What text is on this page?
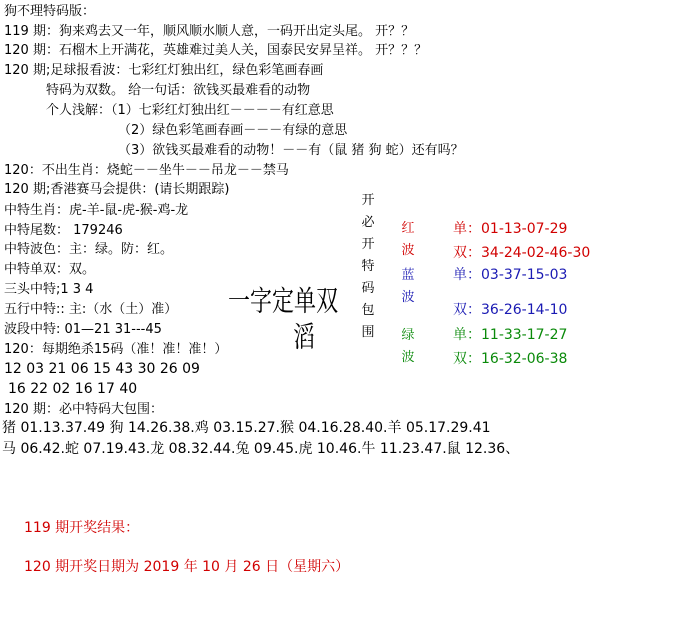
狗不理特码版：
119 期：狗来鸡去又一年，顺风顺水顺人意，一码开出定头尾。 开？？
120 期：石榴木上开满花，英雄难过美人关，国泰民安昇呈祥。 开？？？
120 期;足球报看波：七彩红灯独出红，绿色彩笔画春画
特码为双数。 给一句话：欲钱买最难看的动物
个人浅解：（1）七彩红灯独出红－－－－有红意思
（2）绿色彩笔画春画－－－有绿的意思
（3）欲钱买最难看的动物！－－有（鼠 猪 狗 蛇）还有吗？
120：不出生肖：烧蛇－－坐牛－－吊龙－－禁马
120 期;香港赛马会提供：(请长期跟踪)
中特生肖：虎-羊-鼠-虎-猴-鸡-龙
中特尾数： 179246
中特波色：主：绿。防：红。
中特单双：双。
三头中特;1 3 4
五行中特:: 主:（水（土）准）
波段中特: 01—21 31---45
120：每期绝杀15码（准！准！准！）
12 03 21 06 15 43 30 26 09
16 22 02 16 17 40
120 期：必中特码大包围：
猪 01.13.37.49 狗 14.26.38.鸡 03.15.27.猴 04.16.28.40.羊 05.17.29.41
马 06.42.蛇 07.19.43.龙 08.32.44.兔 09.45.虎 10.46.牛 11.23.47.鼠 12.36、
开
必
开
特
码
包
围
一字定单双
滔
红
波
单：01-13-07-29
双：34-24-02-46-30
蓝
波
单：03-37-15-03
双：36-26-14-10
绿
波
单：11-33-17-27
双：16-32-06-38
119 期开奖结果：
120 期开奖日期为 2019 年 10 月 26 日（星期六）
